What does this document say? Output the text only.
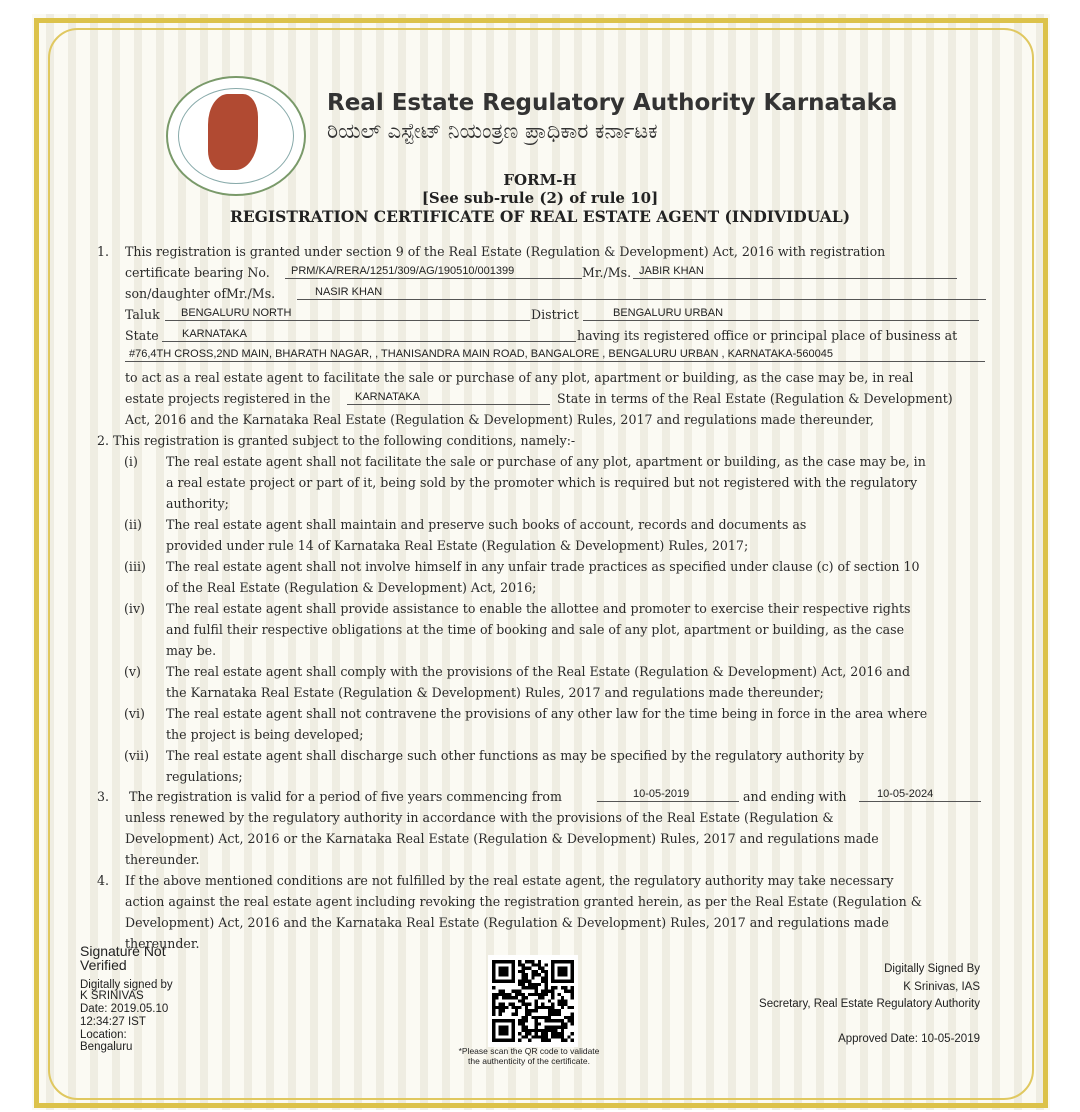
Real Estate Regulatory Authority Karnataka
ರಿಯಲ್ ಎಸ್ಟೇಟ್ ನಿಯಂತ್ರಣ ಪ್ರಾಧಿಕಾರ ಕರ್ನಾಟಕ
FORM-H
[See sub-rule (2) of rule 10]
REGISTRATION CERTIFICATE OF REAL ESTATE AGENT (INDIVIDUAL)
1. This registration is granted under section 9 of the Real Estate (Regulation & Development) Act, 2016 with registration
certificate bearing No.	PRM/KA/RERA/1251/309/AG/190510/001399	Mr./Ms. JABIR KHAN
son/daughter ofMr./Ms.	NASIR KHAN
Taluk	BENGALURU NORTH	District	BENGALURU URBAN
State	KARNATAKA	having its registered office or principal place of business at
#76,4TH CROSS,2ND MAIN, BHARATH NAGAR, , THANISANDRA MAIN ROAD, BANGALORE , BENGALURU URBAN , KARNATAKA-560045
to act as a real estate agent to facilitate the sale or purchase of any plot, apartment or building, as the case may be, in real
estate projects registered in the	KARNATAKA	State in terms of the Real Estate (Regulation & Development)
Act, 2016 and the Karnataka Real Estate (Regulation & Development) Rules, 2017 and regulations made thereunder,
2. This registration is granted subject to the following conditions, namely:-
(i) The real estate agent shall not facilitate the sale or purchase of any plot, apartment or building, as the case may be, in
a real estate project or part of it, being sold by the promoter which is required but not registered with the regulatory
authority;
(ii) The real estate agent shall maintain and preserve such books of account, records and documents as
provided under rule 14 of Karnataka Real Estate (Regulation & Development) Rules, 2017;
(iii) The real estate agent shall not involve himself in any unfair trade practices as specified under clause (c) of section 10
of the Real Estate (Regulation & Development) Act, 2016;
(iv) The real estate agent shall provide assistance to enable the allottee and promoter to exercise their respective rights
and fulfil their respective obligations at the time of booking and sale of any plot, apartment or building, as the case
may be.
(v) The real estate agent shall comply with the provisions of the Real Estate (Regulation & Development) Act, 2016 and
the Karnataka Real Estate (Regulation & Development) Rules, 2017 and regulations made thereunder;
(vi) The real estate agent shall not contravene the provisions of any other law for the time being in force in the area where
the project is being developed;
(vii) The real estate agent shall discharge such other functions as may be specified by the regulatory authority by
regulations;
3. The registration is valid for a period of five years commencing from	10-05-2019	and ending with	10-05-2024
unless renewed by the regulatory authority in accordance with the provisions of the Real Estate (Regulation &
Development) Act, 2016 or the Karnataka Real Estate (Regulation & Development) Rules, 2017 and regulations made
thereunder.
4. If the above mentioned conditions are not fulfilled by the real estate agent, the regulatory authority may take necessary
action against the real estate agent including revoking the registration granted herein, as per the Real Estate (Regulation &
Development) Act, 2016 and the Karnataka Real Estate (Regulation & Development) Rules, 2017 and regulations made
thereunder.
Signature Not
Verified
Digitally signed by
K SRINIVAS
Date: 2019.05.10
12:34:27 IST
Location:
Bengaluru	*Please scan the QR code to validate
the authenticity of the certificate.
Digitally Signed By
K Srinivas, IAS
Secretary, Real Estate Regulatory Authority
Approved Date: 10-05-2019
